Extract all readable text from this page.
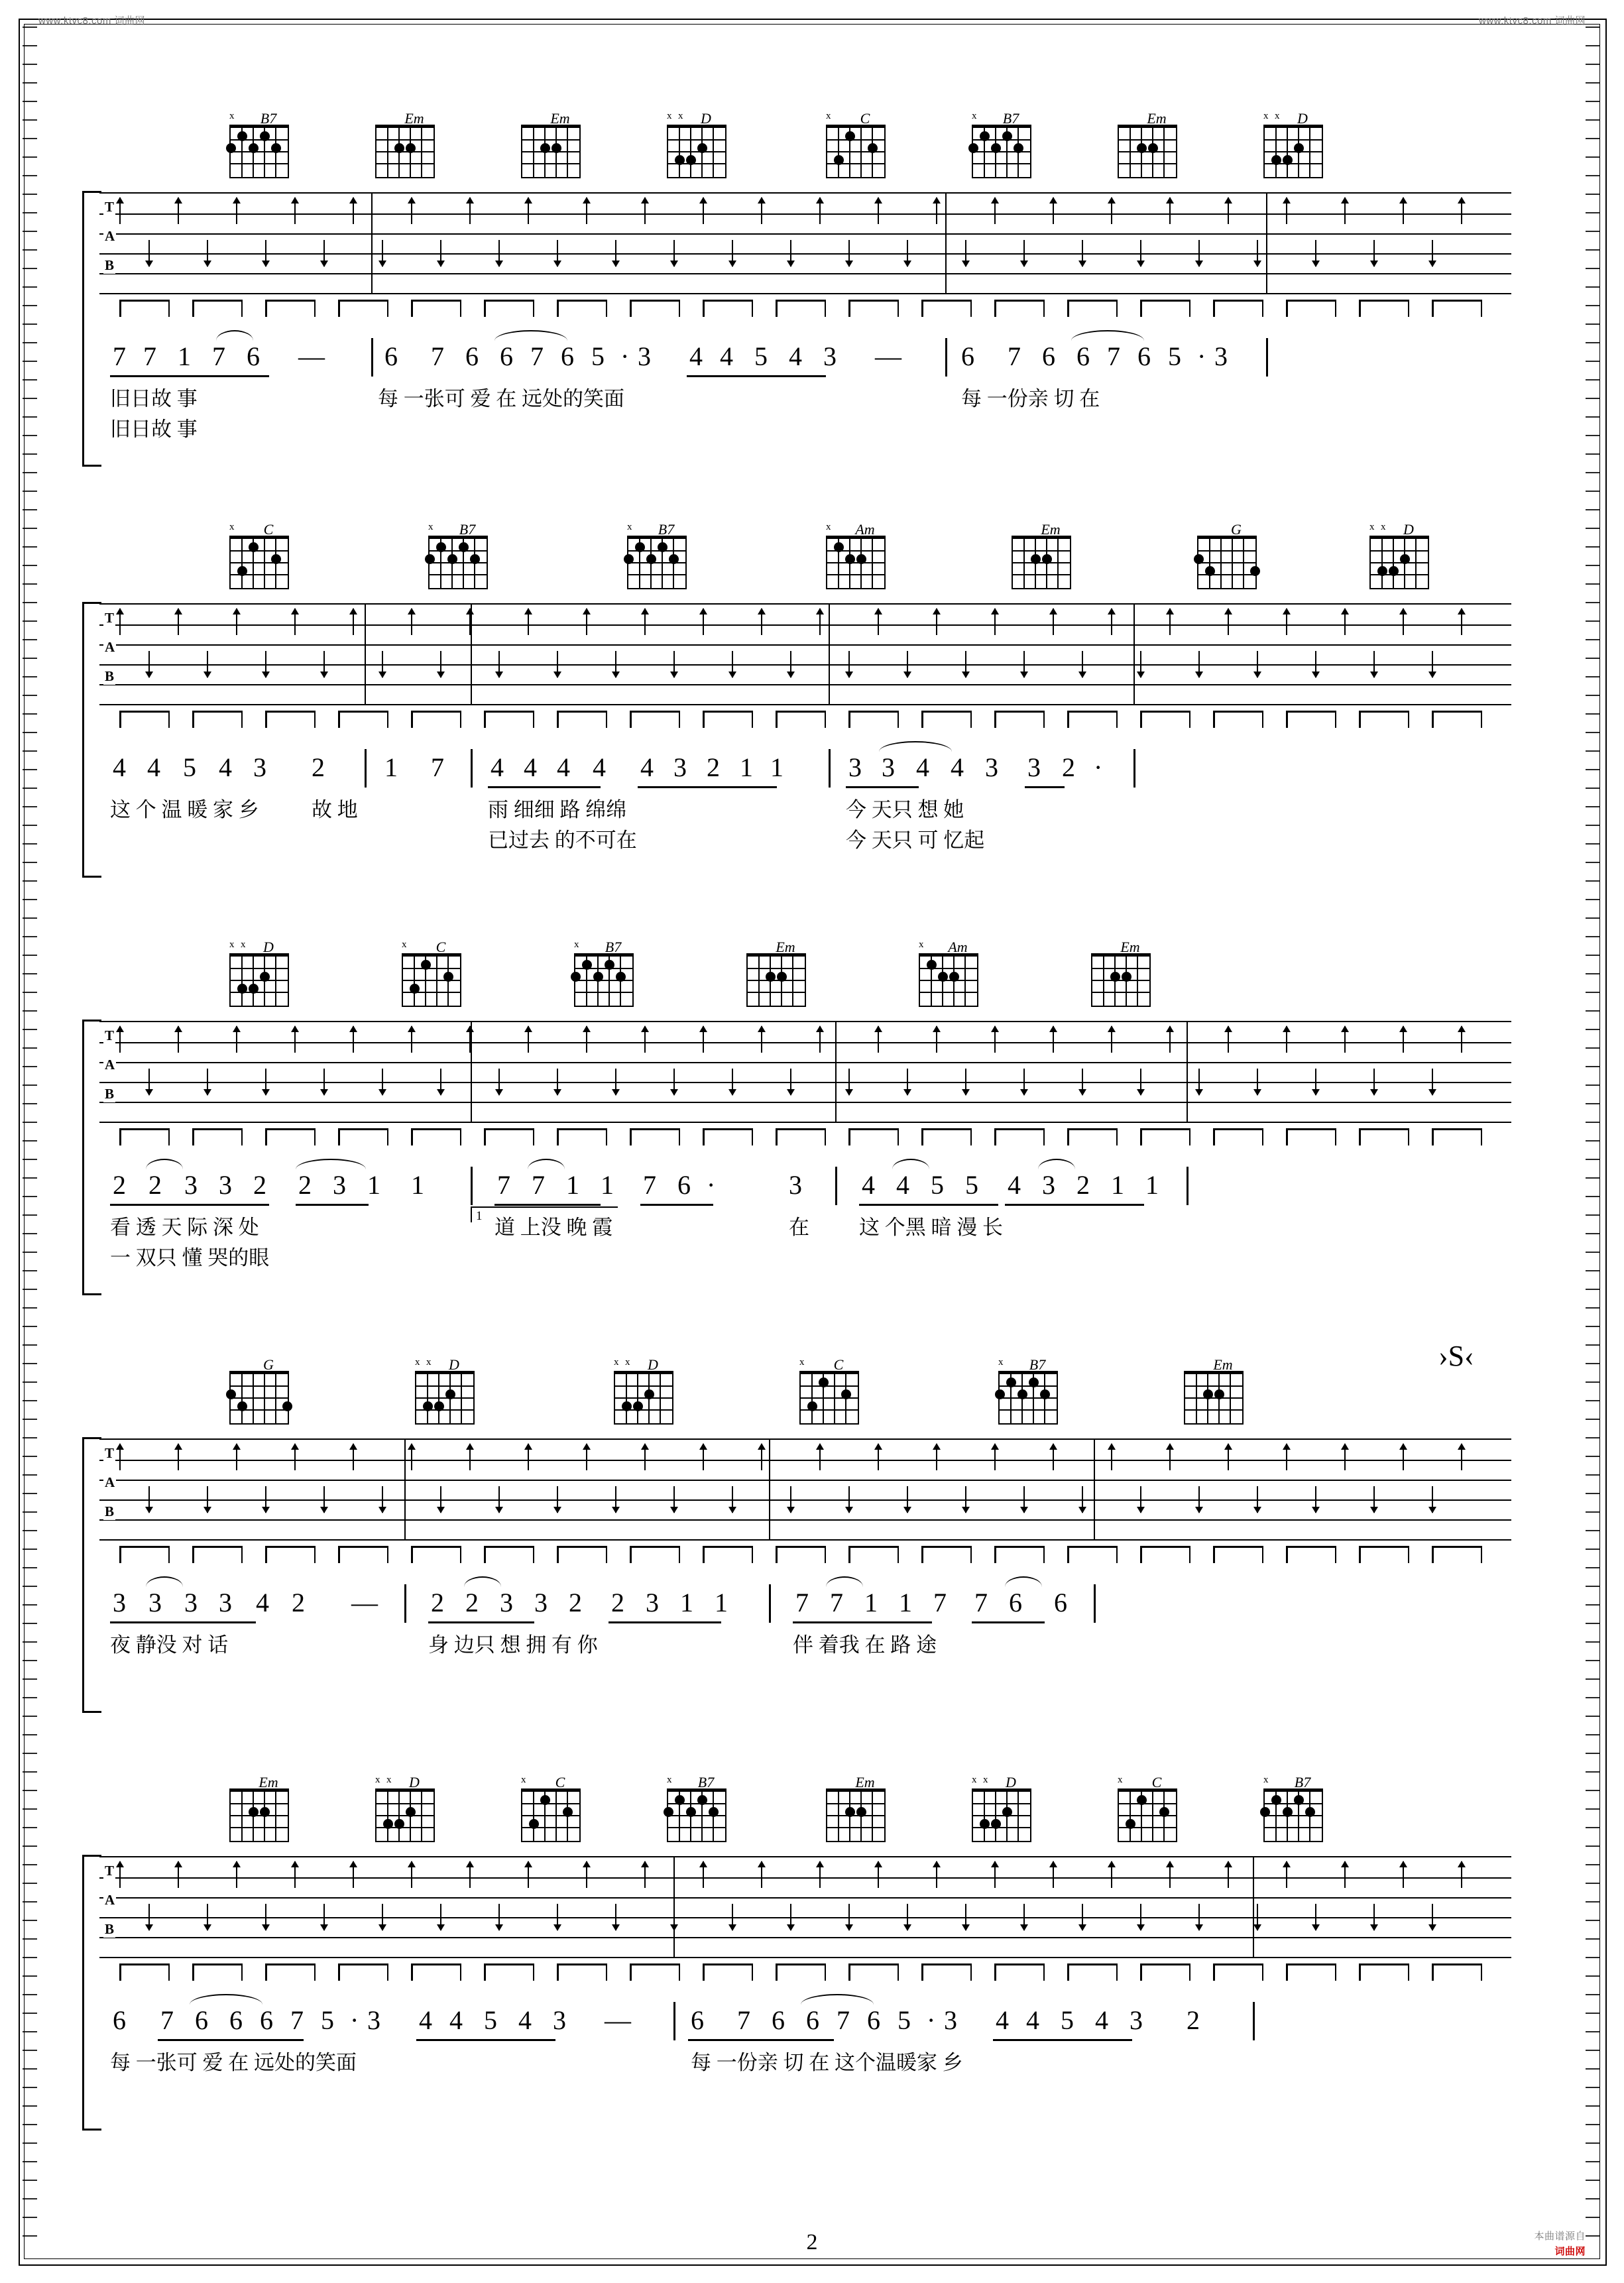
www.ktvc8.com 词曲网	www.ktvc8.com 词曲网
本曲谱源自
词曲网
2
B7
x	Em	Em	D
x x	C
x	B7
x	Em	D
x x
T
A
B
7 7 1 7 6 — 6 7 6 6 7 6 5 · 3 4 4 5 4 3 — 6 7 6 6 7 6 5 · 3
旧日故 事	每 一张可 爱 在 远处的笑面	每 一份亲 切 在
旧日故 事
C
x	B7
x	B7
x	Am
x	Em	G	D
x x
T
A
B
4 4 5 4 3 2 1 7 4 4 4 4 4 3 2 1 1 3 3 4 4 3 3 2 ·
这 个 温 暖 家 乡	故 地	雨 细细 路 绵绵	今 天只 想 她
已过去 的不可在	今 天只 可 忆起
D
x x	C
x	B7
x	Em	Am
x	Em
T
A
B
2 2 3 3 2 2 3 1 1	7 7 1 1 7 6 ·	3 4 4 5 5 4 3 2 1 1
1
看 透 天 际 深 处	道 上没 晚 霞	在 这 个黑 暗 漫 长
一 双只 懂 哭的眼
G	D
x x	D
x x	C
x	B7
x	Em	›S‹
T
A
B
3 3 3 3 4 2 — 2 2 3 3 2 2 3 1 1	7 7 1 1 7 7 6 6
夜 静没 对 话	身 边只 想 拥 有 你	伴 着我 在 路 途
Em	D
x x	C
x	B7
x	Em	D
x x	C
x	B7
x
T
A
B
6 7 6 6 6 7 5 · 3 4 4 5 4 3 — 6 7 6 6 7 6 5 · 3 4 4 5 4 3 2
每 一张可 爱 在 远处的笑面	每 一份亲 切 在 这个温暖家 乡
